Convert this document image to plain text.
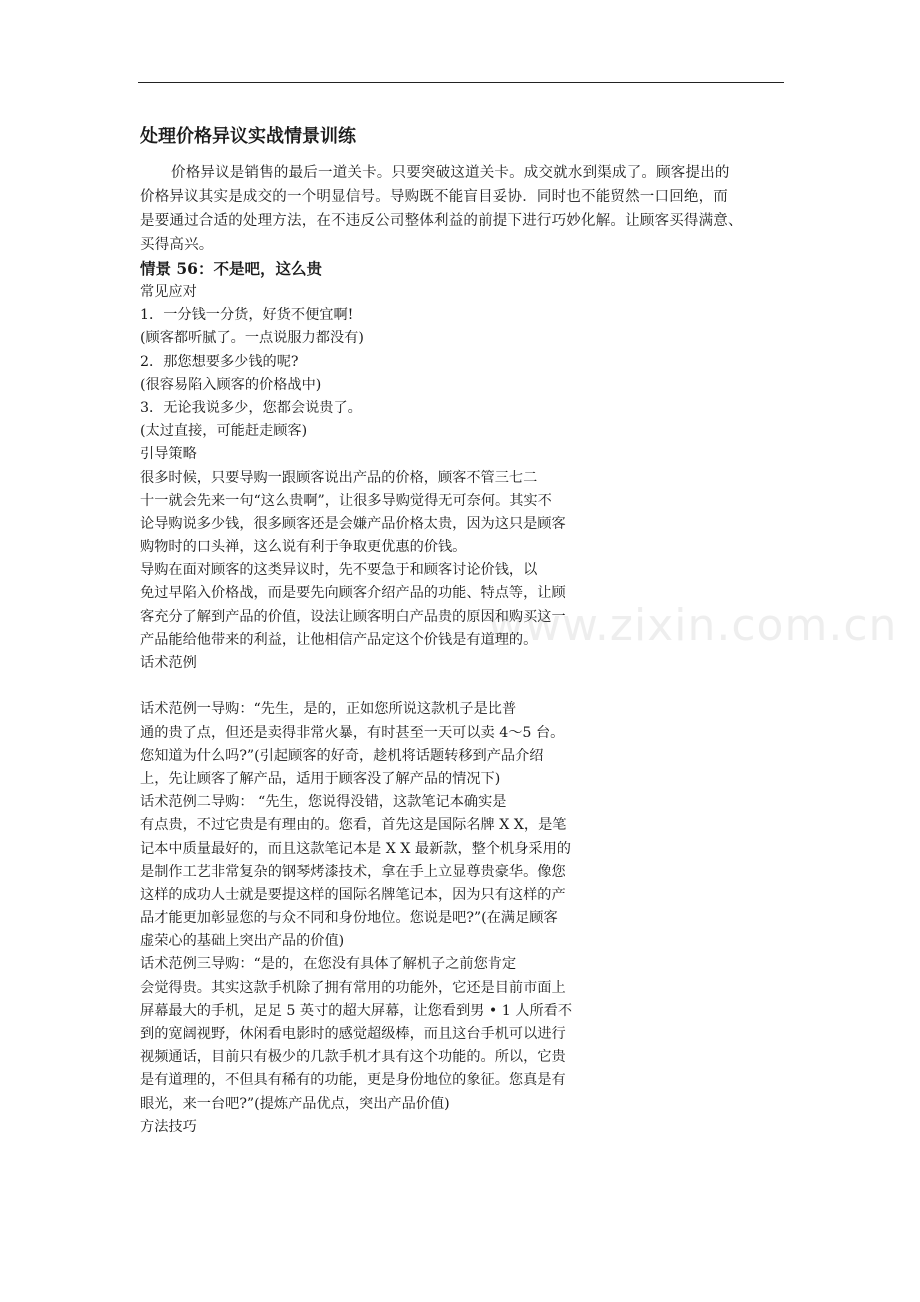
www.zixin.com.cn
处理价格异议实战情景训练
价格异议是销售的最后一道关卡。只要突破这道关卡。成交就水到渠成了。顾客提出的
价格异议其实是成交的一个明显信号。导购既不能盲目妥协．同时也不能贸然一口回绝，而
是要通过合适的处理方法，在不违反公司整体利益的前提下进行巧妙化解。让顾客买得满意、
买得高兴。
情景 56：不是吧，这么贵
常见应对
1．一分钱一分货，好货不便宜啊!
(顾客都听腻了。一点说服力都没有)
2．那您想要多少钱的呢?
(很容易陷入顾客的价格战中)
3．无论我说多少，您都会说贵了。
(太过直接，可能赶走顾客)
引导策略
很多时候，只要导购一跟顾客说出产品的价格，顾客不管三七二
十一就会先来一句“这么贵啊”，让很多导购觉得无可奈何。其实不
论导购说多少钱，很多顾客还是会嫌产品价格太贵，因为这只是顾客
购物时的口头禅，这么说有利于争取更优惠的价钱。
导购在面对顾客的这类异议时，先不要急于和顾客讨论价钱，以
免过早陷入价格战，而是要先向顾客介绍产品的功能、特点等，让顾
客充分了解到产品的价值，设法让顾客明白产品贵的原因和购买这一
产品能给他带来的利益，让他相信产品定这个价钱是有道理的。
话术范例
话术范例一导购：“先生，是的，正如您所说这款机子是比普
通的贵了点，但还是卖得非常火暴，有时甚至一天可以卖 4～5 台。
您知道为什么吗?”(引起顾客的好奇，趁机将话题转移到产品介绍
上，先让顾客了解产品，适用于顾客没了解产品的情况下)
话术范例二导购： “先生，您说得没错，这款笔记本确实是
有点贵，不过它贵是有理由的。您看，首先这是国际名牌 X X，是笔
记本中质量最好的，而且这款笔记本是 X X 最新款，整个机身采用的
是制作工艺非常复杂的钢琴烤漆技术，拿在手上立显尊贵豪华。像您
这样的成功人士就是要提这样的国际名牌笔记本，因为只有这样的产
品才能更加彰显您的与众不同和身份地位。您说是吧?”(在满足顾客
虚荣心的基础上突出产品的价值)
话术范例三导购：“是的，在您没有具体了解机子之前您肯定
会觉得贵。其实这款手机除了拥有常用的功能外，它还是目前市面上
屏幕最大的手机，足足 5 英寸的超大屏幕，让您看到男 • 1 人所看不
到的宽阔视野，休闲看电影时的感觉超级棒，而且这台手机可以进行
视频通话，目前只有极少的几款手机才具有这个功能的。所以，它贵
是有道理的，不但具有稀有的功能，更是身份地位的象征。您真是有
眼光，来一台吧?”(提炼产品优点，突出产品价值)
方法技巧
